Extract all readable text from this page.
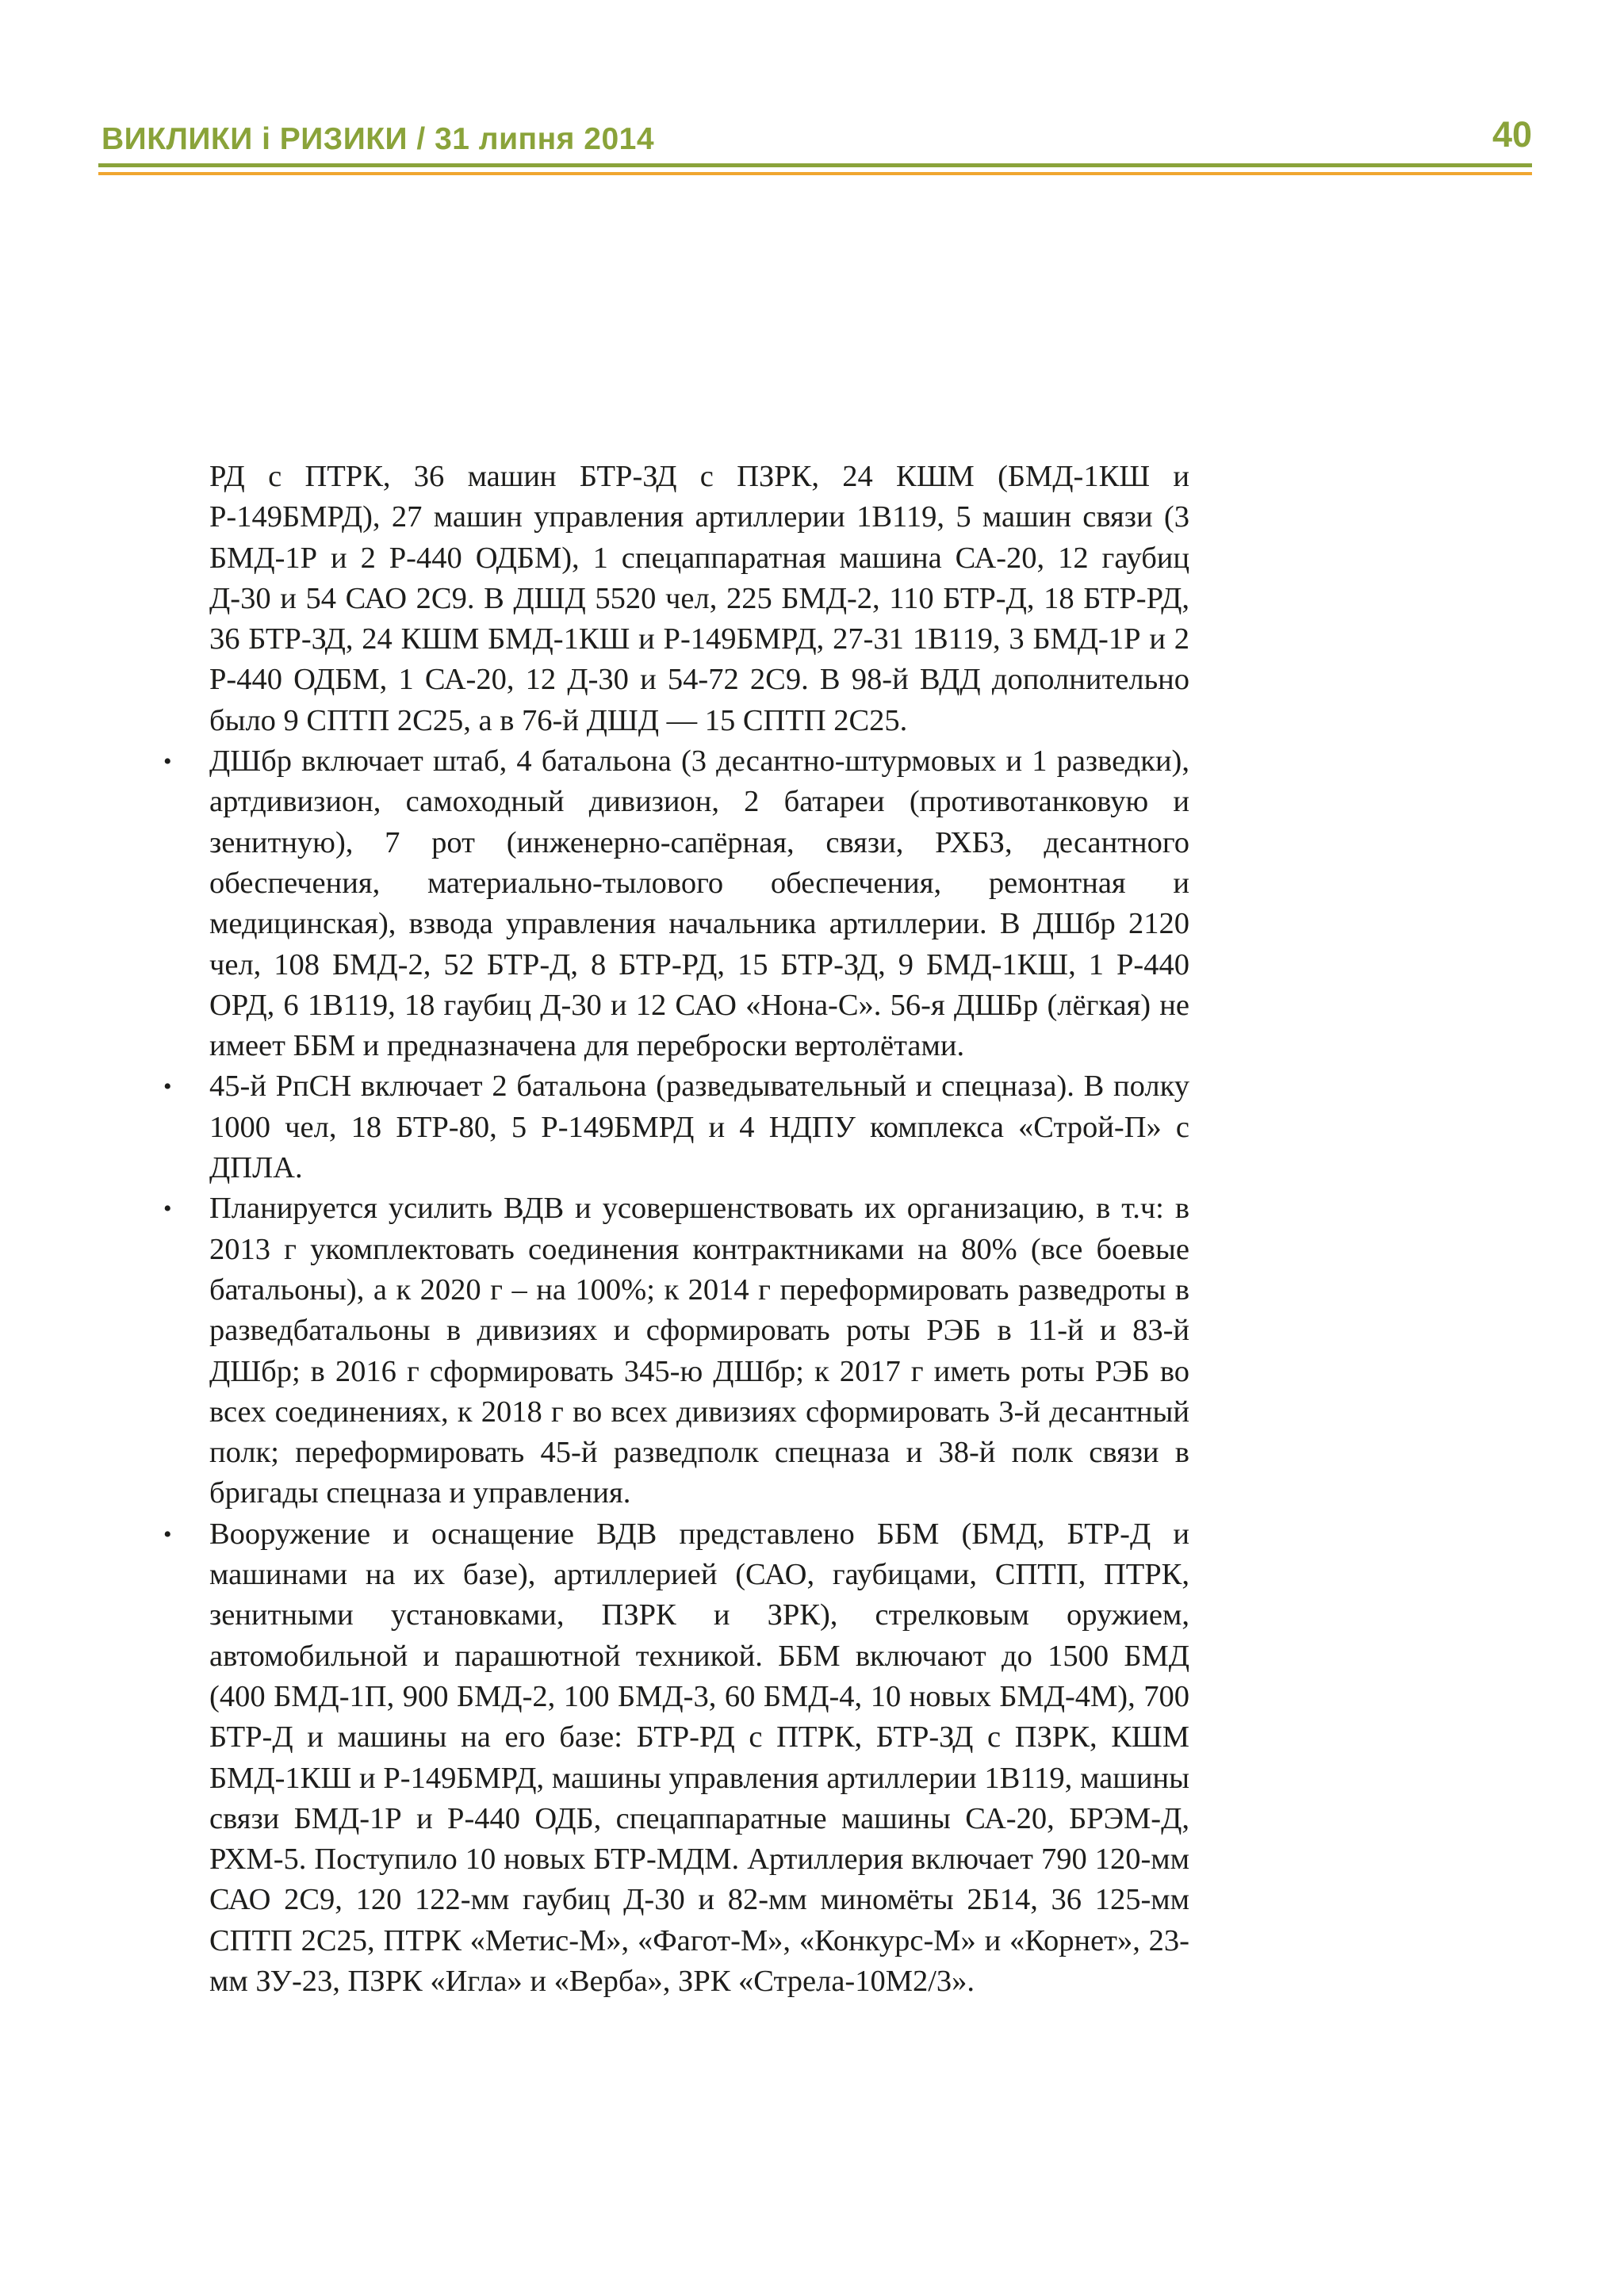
ВИКЛИКИ і РИЗИКИ / 31 липня 2014	40

РД с ПТРК, 36 машин БТР-ЗД с ПЗРК, 24 КШМ (БМД-1КШ и Р-149БМРД), 27 машин управления артиллерии 1В119, 5 машин связи (3 БМД-1Р и 2 Р-440 ОДБМ), 1 спецаппаратная машина СА-20, 12 гаубиц Д-30 и 54 САО 2С9. В ДШД 5520 чел, 225 БМД-2, 110 БТР-Д, 18 БТР-РД, 36 БТР-ЗД, 24 КШМ БМД-1КШ и Р-149БМРД, 27-31 1В119, 3 БМД-1Р и 2 Р-440 ОДБМ, 1 СА-20, 12 Д-30 и 54-72 2С9. В 98-й ВДД дополнительно было 9 СПТП 2С25, а в 76-й ДШД — 15 СПТП 2С25.

• ДШбр включает штаб, 4 батальона (3 десантно-штурмовых и 1 разведки), артдивизион, самоходный дивизион, 2 батареи (противотанковую и зенитную), 7 рот (инженерно-сапёрная, связи, РХБЗ, десантного обеспечения, материально-тылового обеспечения, ремонтная и медицинская), взвода управления начальника артиллерии. В ДШбр 2120 чел, 108 БМД-2, 52 БТР-Д, 8 БТР-РД, 15 БТР-ЗД, 9 БМД-1КШ, 1 Р-440 ОРД, 6 1В119, 18 гаубиц Д-30 и 12 САО «Нона-С». 56-я ДШБр (лёгкая) не имеет ББМ и предназначена для переброски вертолётами.
• 45-й РпСН включает 2 батальона (разведывательный и спецназа). В полку 1000 чел, 18 БТР-80, 5 Р-149БМРД и 4 НДПУ комплекса «Строй-П» с ДПЛА.
• Планируется усилить ВДВ и усовершенствовать их организацию, в т.ч: в 2013 г укомплектовать соединения контрактниками на 80% (все боевые батальоны), а к 2020 г – на 100%; к 2014 г переформировать разведроты в разведбатальоны в дивизиях и сформировать роты РЭБ в 11-й и 83-й ДШбр; в 2016 г сформировать 345-ю ДШбр; к 2017 г иметь роты РЭБ во всех соединениях, к 2018 г во всех дивизиях сформировать 3-й десантный полк; переформировать 45-й разведполк спецназа и 38-й полк связи в бригады спецназа и управления.
• Вооружение и оснащение ВДВ представлено ББМ (БМД, БТР-Д и машинами на их базе), артиллерией (САО, гаубицами, СПТП, ПТРК, зенитными установками, ПЗРК и ЗРК), стрелковым оружием, автомобильной и парашютной техникой. ББМ включают до 1500 БМД (400 БМД-1П, 900 БМД-2, 100 БМД-3, 60 БМД-4, 10 новых БМД-4М), 700 БТР-Д и машины на его базе: БТР-РД с ПТРК, БТР-ЗД с ПЗРК, КШМ БМД-1КШ и Р-149БМРД, машины управления артиллерии 1В119, машины связи БМД-1Р и Р-440 ОДБ, спецаппаратные машины СА-20, БРЭМ-Д, РХМ-5. Поступило 10 новых БТР-МДМ. Артиллерия включает 790 120-мм САО 2С9, 120 122-мм гаубиц Д-30 и 82-мм миномёты 2Б14, 36 125-мм СПТП 2С25, ПТРК «Метис-М», «Фагот-М», «Конкурс-М» и «Корнет», 23-мм ЗУ-23, ПЗРК «Игла» и «Верба», ЗРК «Стрела-10М2/3».
